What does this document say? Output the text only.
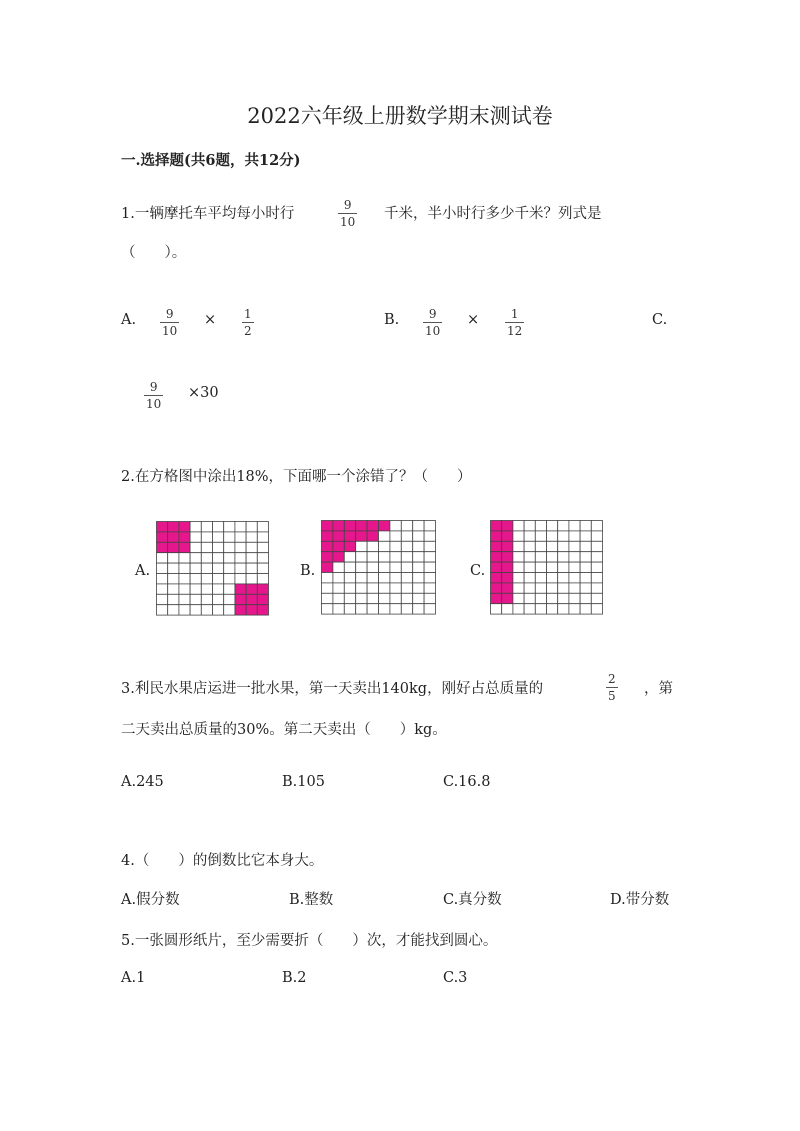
2022六年级上册数学期末测试卷
一.选择题(共6题，共12分)
1.一辆摩托车平均每小时行
9
10 千米，半小时行多少千米？列式是
（　　）。
A. 9
10
× 1
2
B. 9
10
×	1
12
C.
9
10
×30
2.在方格图中涂出18%，下面哪一个涂错了？（　　）
A.	B.	C.
3.利民水果店运进一批水果，第一天卖出140kg，刚好占总质量的
2
5 ，第
二天卖出总质量的30%。第二天卖出（　　）kg。
A.245	B.105	C.16.8
4.（　　）的倒数比它本身大。
A.假分数	B.整数	C.真分数	D.带分数
5.一张圆形纸片，至少需要折（　　）次，才能找到圆心。
A.1	B.2	C.3
